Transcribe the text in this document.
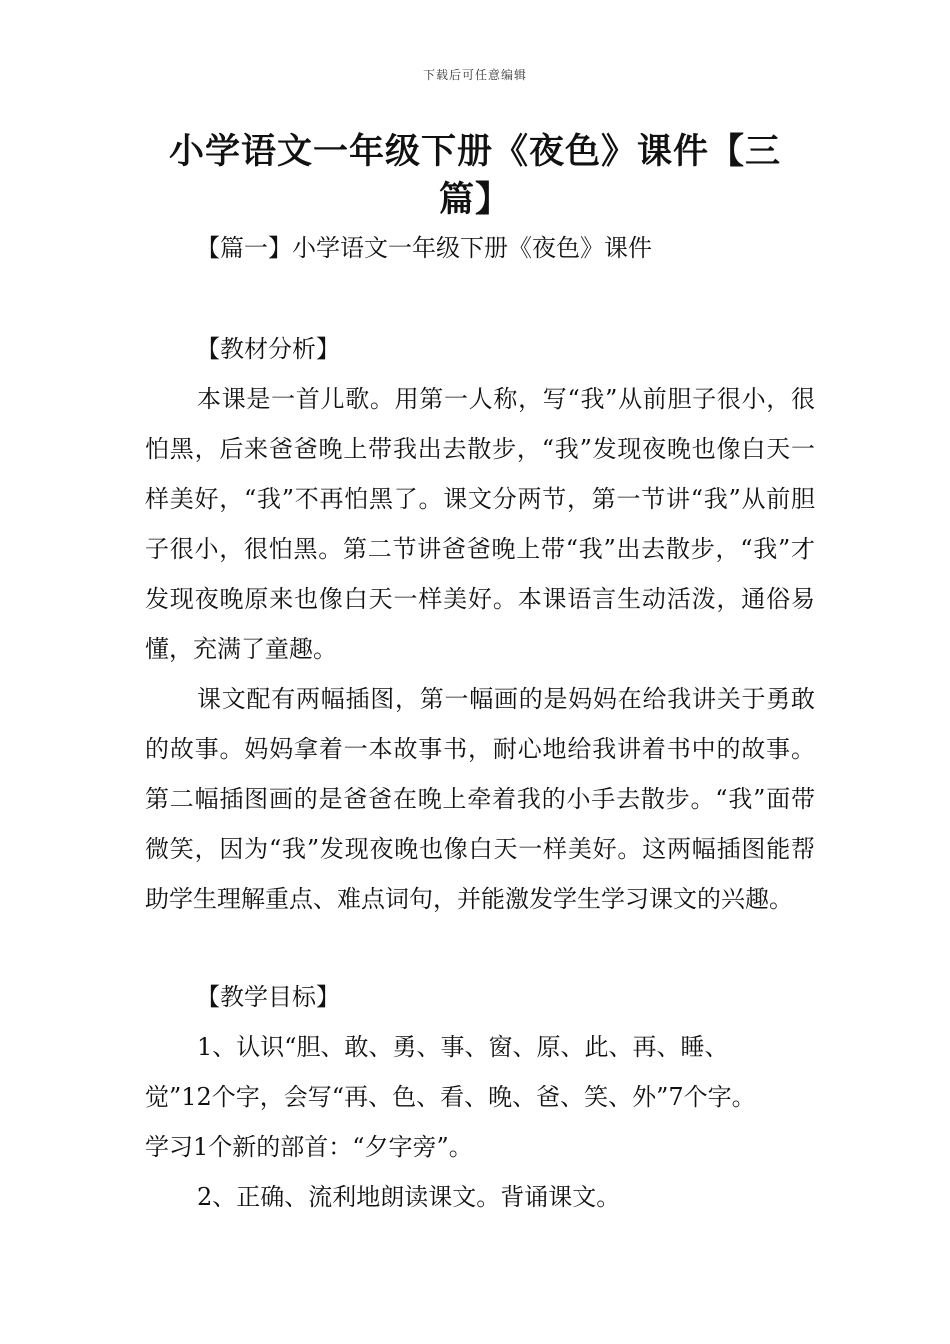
下载后可任意编辑
小学语文一年级下册《夜色》课件【三
篇】
【篇一】小学语文一年级下册《夜色》课件
【教材分析】

本课是一首儿歌。用第一人称，写“我”从前胆子很小，很怕黑，后来爸爸晚上带我出去散步，“我”发现夜晚也像白天一样美好，“我”不再怕黑了。课文分两节，第一节讲“我”从前胆子很小，很怕黑。第二节讲爸爸晚上带“我”出去散步，“我”才发现夜晚原来也像白天一样美好。本课语言生动活泼，通俗易懂，充满了童趣。

课文配有两幅插图，第一幅画的是妈妈在给我讲关于勇敢的故事。妈妈拿着一本故事书，耐心地给我讲着书中的故事。第二幅插图画的是爸爸在晚上牵着我的小手去散步。“我”面带微笑，因为“我”发现夜晚也像白天一样美好。这两幅插图能帮助学生理解重点、难点词句，并能激发学生学习课文的兴趣。

【教学目标】

1、认识“胆、敢、勇、事、窗、原、此、再、睡、

觉”12个字，会写“再、色、看、晚、爸、笑、外”7个字。

学习1个新的部首：“夕字旁”。

2、正确、流利地朗读课文。背诵课文。
